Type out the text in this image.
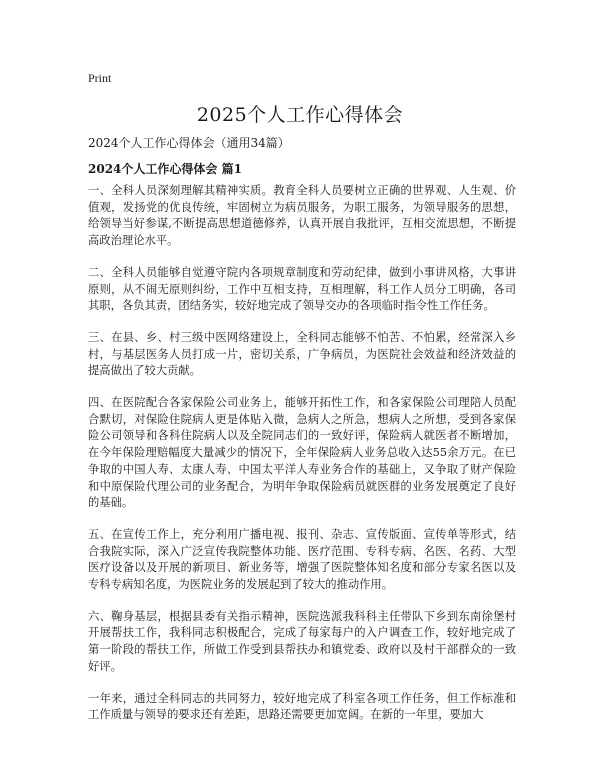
Print
2025个人工作心得体会

2024个人工作心得体会（通用34篇）

2024个人工作心得体会 篇1

一、全科人员深刻理解其精神实质。教育全科人员要树立正确的世界观、人生观、价值观，发扬党的优良传统，牢固树立为病员服务，为职工服务，为领导服务的思想，给领导当好参谋,不断提高思想道德修养，认真开展自我批评，互相交流思想，不断提高政治理论水平。

二、全科人员能够自觉遵守院内各项规章制度和劳动纪律，做到小事讲风格，大事讲原则，从不闹无原则纠纷，工作中互相支持，互相理解，科工作人员分工明确，各司其职，各负其责，团结务实，较好地完成了领导交办的各项临时指令性工作任务。

三、在县、乡、村三级中医网络建设上，全科同志能够不怕苦、不怕累，经常深入乡村，与基层医务人员打成一片，密切关系，广争病员，为医院社会效益和经济效益的提高做出了较大贡献。

四、在医院配合各家保险公司业务上，能够开拓性工作，和各家保险公司理陪人员配合默切，对保险住院病人更是体贴入微，急病人之所急，想病人之所想，受到各家保险公司领导和各科住院病人以及全院同志们的一致好评，保险病人就医者不断增加，在今年保险理赔幅度大量减少的情况下，全年保险病人业务总收入达55余万元。在已争取的中国人寿、太康人寿、中国太平洋人寿业务合作的基础上，又争取了财产保险和中原保险代理公司的业务配合，为明年争取保险病员就医群的业务发展奠定了良好的基础。

五、在宣传工作上，充分利用广播电视、报刊、杂志、宣传版面、宣传单等形式，结合我院实际，深入广泛宣传我院整体功能、医疗范围、专科专病、名医、名药、大型医疗设备以及开展的新项目、新业务等，增强了医院整体知名度和部分专家名医以及专科专病知名度，为医院业务的发展起到了较大的推动作用。

六、鞠身基层，根据县委有关指示精神，医院选派我科科主任带队下乡到东南徐堡村开展帮扶工作，我科同志积极配合，完成了每家每户的入户调查工作，较好地完成了第一阶段的帮扶工作，所做工作受到县帮扶办和镇党委、政府以及村干部群众的一致好评。

一年来，通过全科同志的共同努力，较好地完成了科室各项工作任务，但工作标准和工作质量与领导的要求还有差距，思路还需要更加宽阔。在新的一年里，要加大
